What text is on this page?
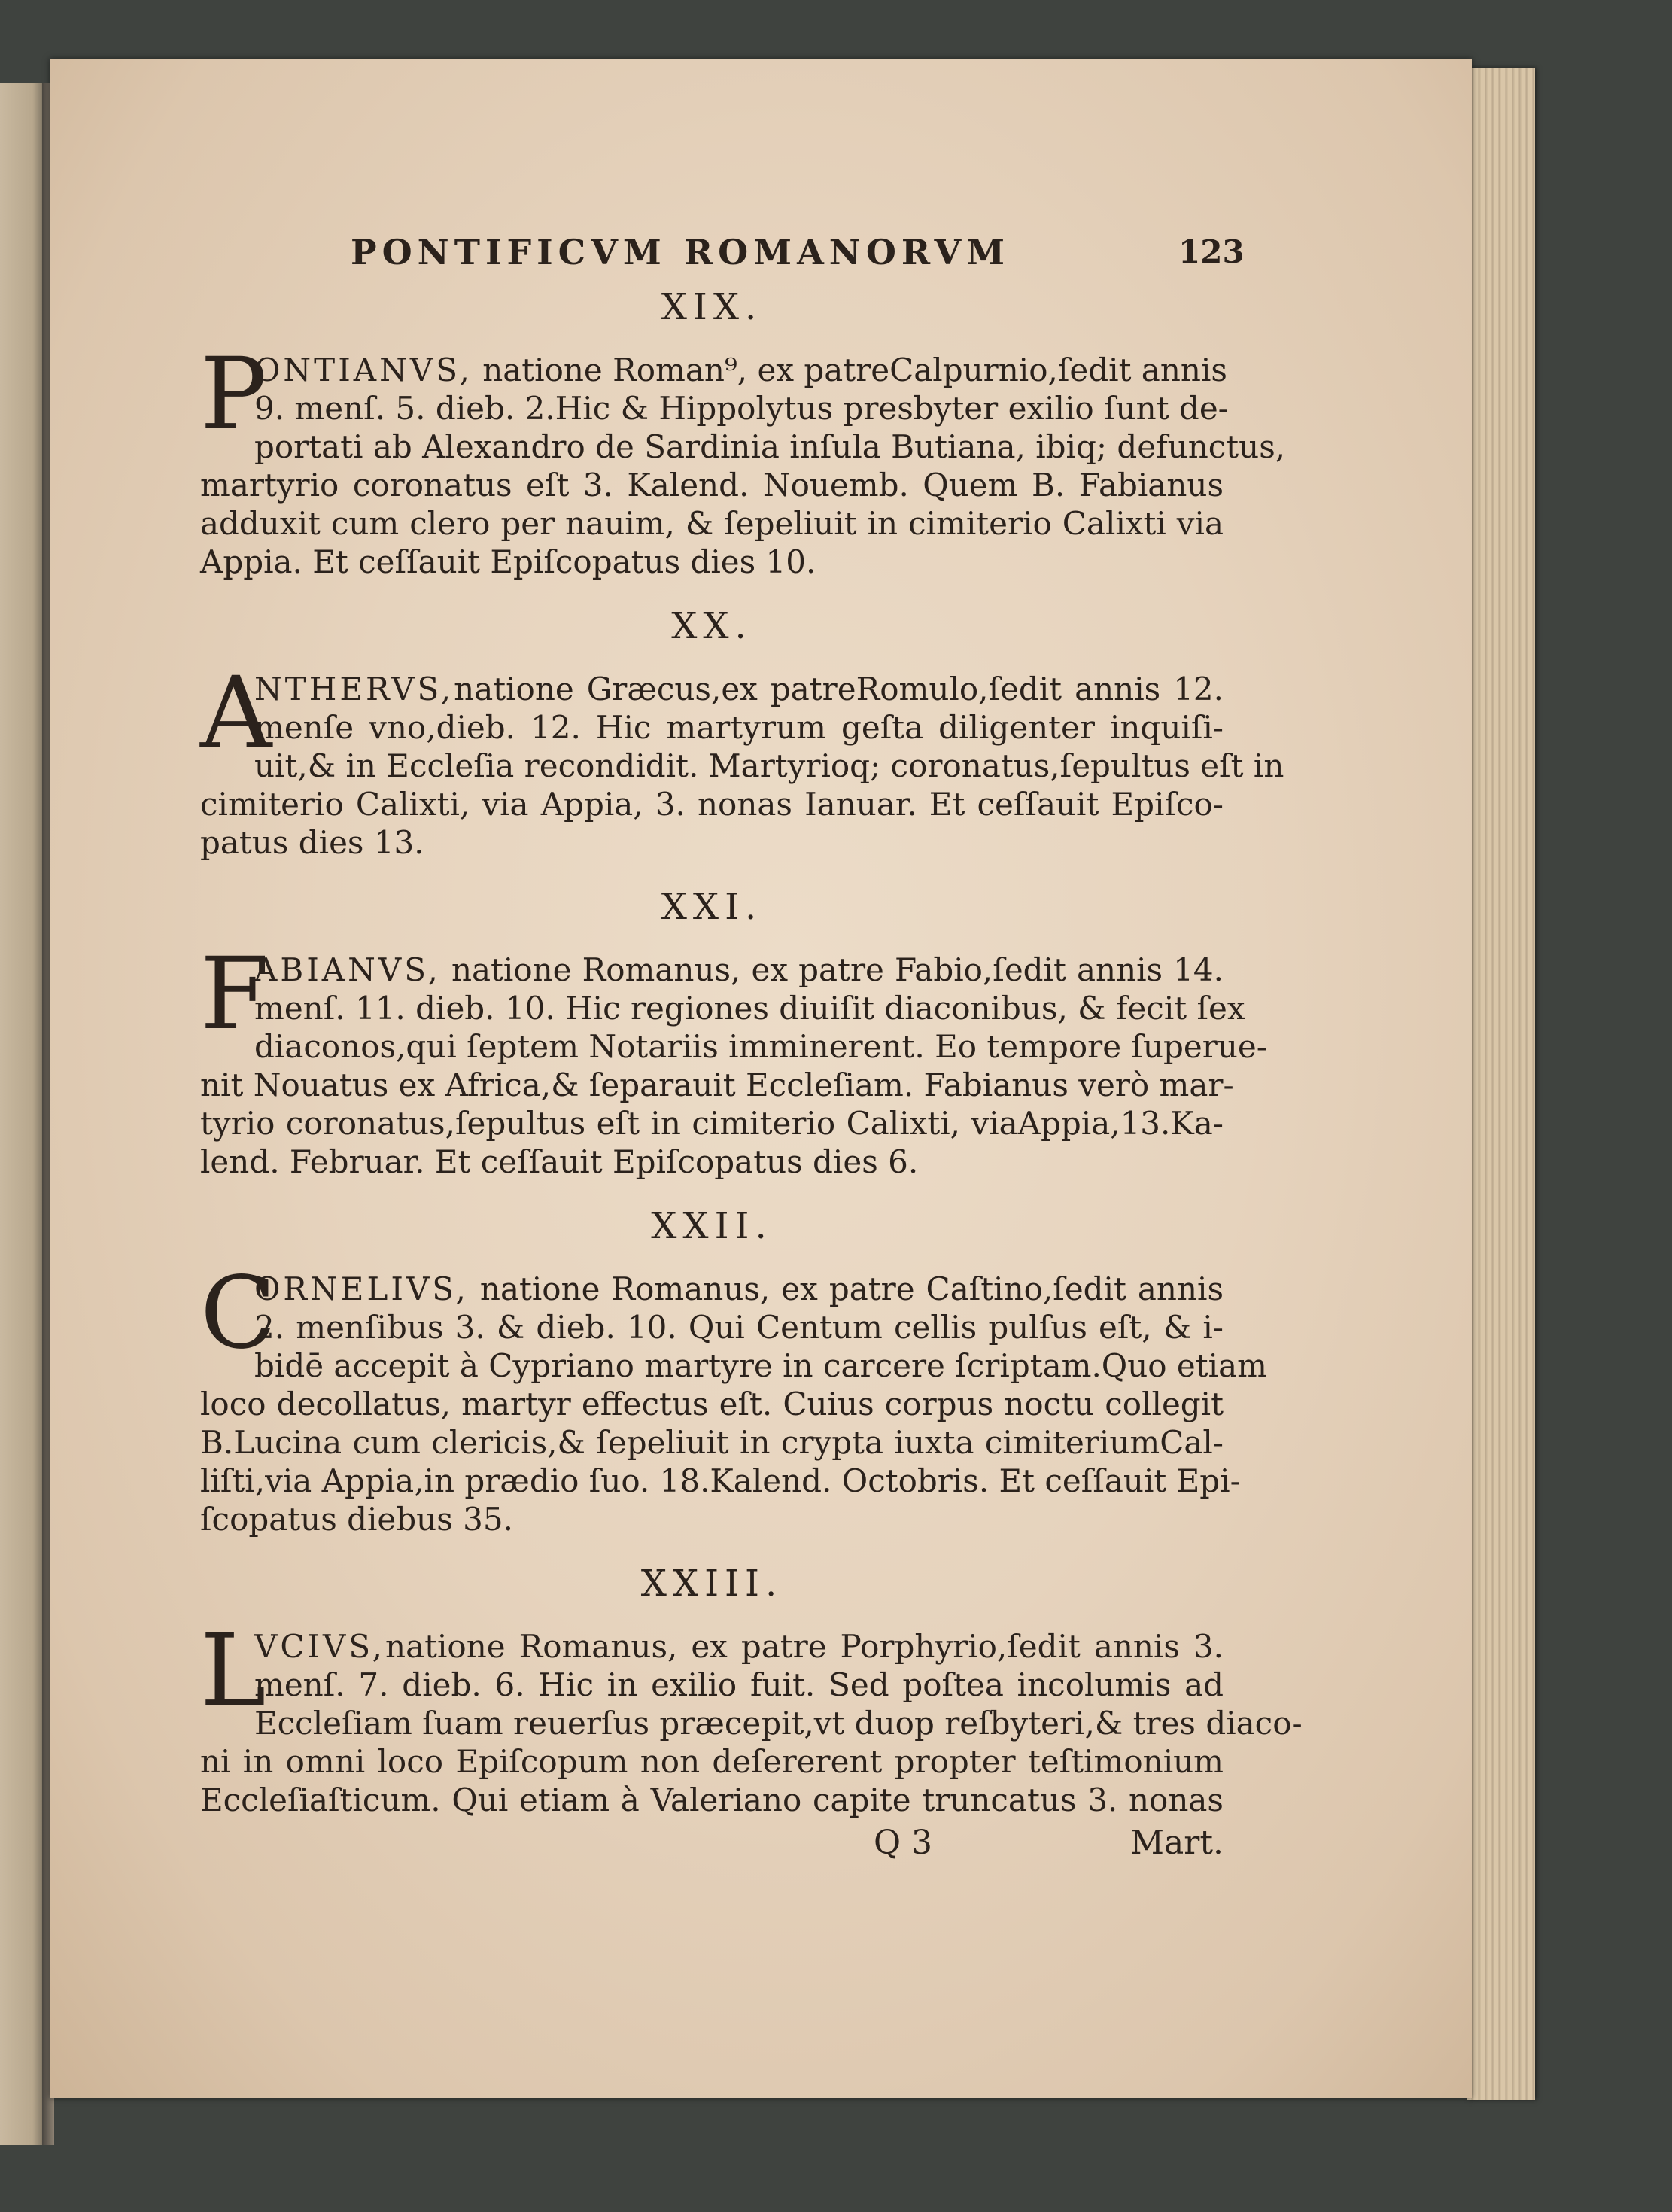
PONTIFICVM ROMANORVM	123
XIX.
P
ONTIANVS, natione Roman⁹, ex patreCalpurnio,ſedit annis
9. menſ. 5. dieb. 2.Hic & Hippolytus presbyter exilio ſunt de-
portati ab Alexandro de Sardinia inſula Butiana, ibiq; defunctus,
martyrio coronatus eſt 3. Kalend. Nouemb. Quem B. Fabianus
adduxit cum clero per nauim, & ſepeliuit in cimiterio Calixti via
Appia. Et ceſſauit Epiſcopatus dies 10.
XX.
A
NTHERVS,natione Græcus,ex patreRomulo,ſedit annis 12.
menſe vno,dieb. 12. Hic martyrum geſta diligenter inquiſi-
uit,& in Eccleſia recondidit. Martyrioq; coronatus,ſepultus eſt in
cimiterio Calixti, via Appia, 3. nonas Ianuar. Et ceſſauit Epiſco-
patus dies 13.
XXI.
F
ABIANVS, natione Romanus, ex patre Fabio,ſedit annis 14.
menſ. 11. dieb. 10. Hic regiones diuiſit diaconibus, & fecit ſex
diaconos,qui ſeptem Notariis imminerent. Eo tempore ſuperue-
nit Nouatus ex Africa,& ſeparauit Eccleſiam. Fabianus verò mar-
tyrio coronatus,ſepultus eſt in cimiterio Calixti, viaAppia,13.Ka-
lend. Februar. Et ceſſauit Epiſcopatus dies 6.
XXII.
C
ORNELIVS, natione Romanus, ex patre Caſtino,ſedit annis
2. menſibus 3. & dieb. 10. Qui Centum cellis pulſus eſt, & i-
bidē accepit à Cypriano martyre in carcere ſcriptam.Quo etiam
loco decollatus, martyr effectus eſt. Cuius corpus noctu collegit
B.Lucina cum clericis,& ſepeliuit in crypta iuxta cimiteriumCal-
liſti,via Appia,in prædio ſuo. 18.Kalend. Octobris. Et ceſſauit Epi-
ſcopatus diebus 35.
XXIII.
L
VCIVS,natione Romanus, ex patre Porphyrio,ſedit annis 3.
menſ. 7. dieb. 6. Hic in exilio fuit. Sed poſtea incolumis ad
Eccleſiam ſuam reuerſus præcepit,vt duop reſbyteri,& tres diaco-
ni in omni loco Epiſcopum non deſererent propter teſtimonium
Eccleſiaſticum. Qui etiam à Valeriano capite truncatus 3. nonas
Q 3	Mart.
